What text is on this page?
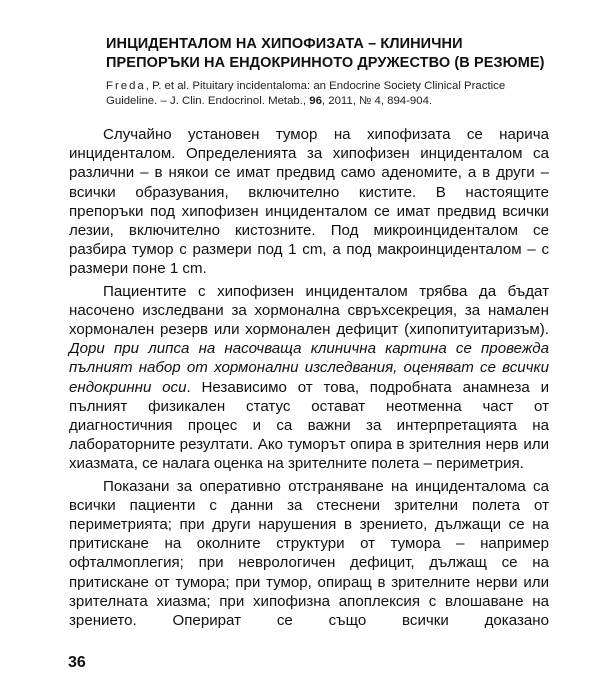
ИНЦИДЕНТАЛОМ НА ХИПОФИЗАТА – КЛИНИЧНИ ПРЕПОРЪКИ НА ЕНДОКРИННОТО ДРУЖЕСТВО (В РЕЗЮМЕ)
Freda, P. et al. Pituitary incidentaloma: an Endocrine Society Clinical Practice Guideline. – J. Clin. Endocrinol. Metab., 96, 2011, № 4, 894-904.

Случайно установен тумор на хипофизата се нарича инциденталом. Определенията за хипофизен инциденталом са различни – в някои се имат предвид само аденомите, а в други – всички образувания, включително кистите. В настоящите препоръки под хипофизен инциденталом се имат предвид всички лезии, включително кистозните. Под микроинциденталом се разбира тумор с размери под 1 cm, а под макроинциденталом – с размери поне 1 cm.

Пациентите с хипофизен инциденталом трябва да бъдат насочено изследвани за хормонална свръхсекреция, за намален хормонален резерв или хормонален дефицит (хипопитуитаризъм). Дори при липса на насочваща клинична картина се провежда пълният набор от хормонални изследвания, оценяват се всички ендокринни оси. Независимо от това, подробната анамнеза и пълният физикален статус остават неотменна част от диагностичния процес и са важни за интерпретацията на лабораторните резултати. Ако туморът опира в зрителния нерв или хиазмата, се налага оценка на зрителните полета – периметрия.

Показани за оперативно отстраняване на инциденталома са всички пациенти с данни за стеснени зрителни полета от периметрията; при други нарушения в зрението, дължащи се на притискане на околните структури от тумора – например офталмоплегия; при неврологичен дефицит, дължащ се на притискане от тумора; при тумор, опиращ в зрителните нерви или зрителната хиазма; при хипофизна апоплексия с влошаване на зрението. Оперират се също всички доказано

36
